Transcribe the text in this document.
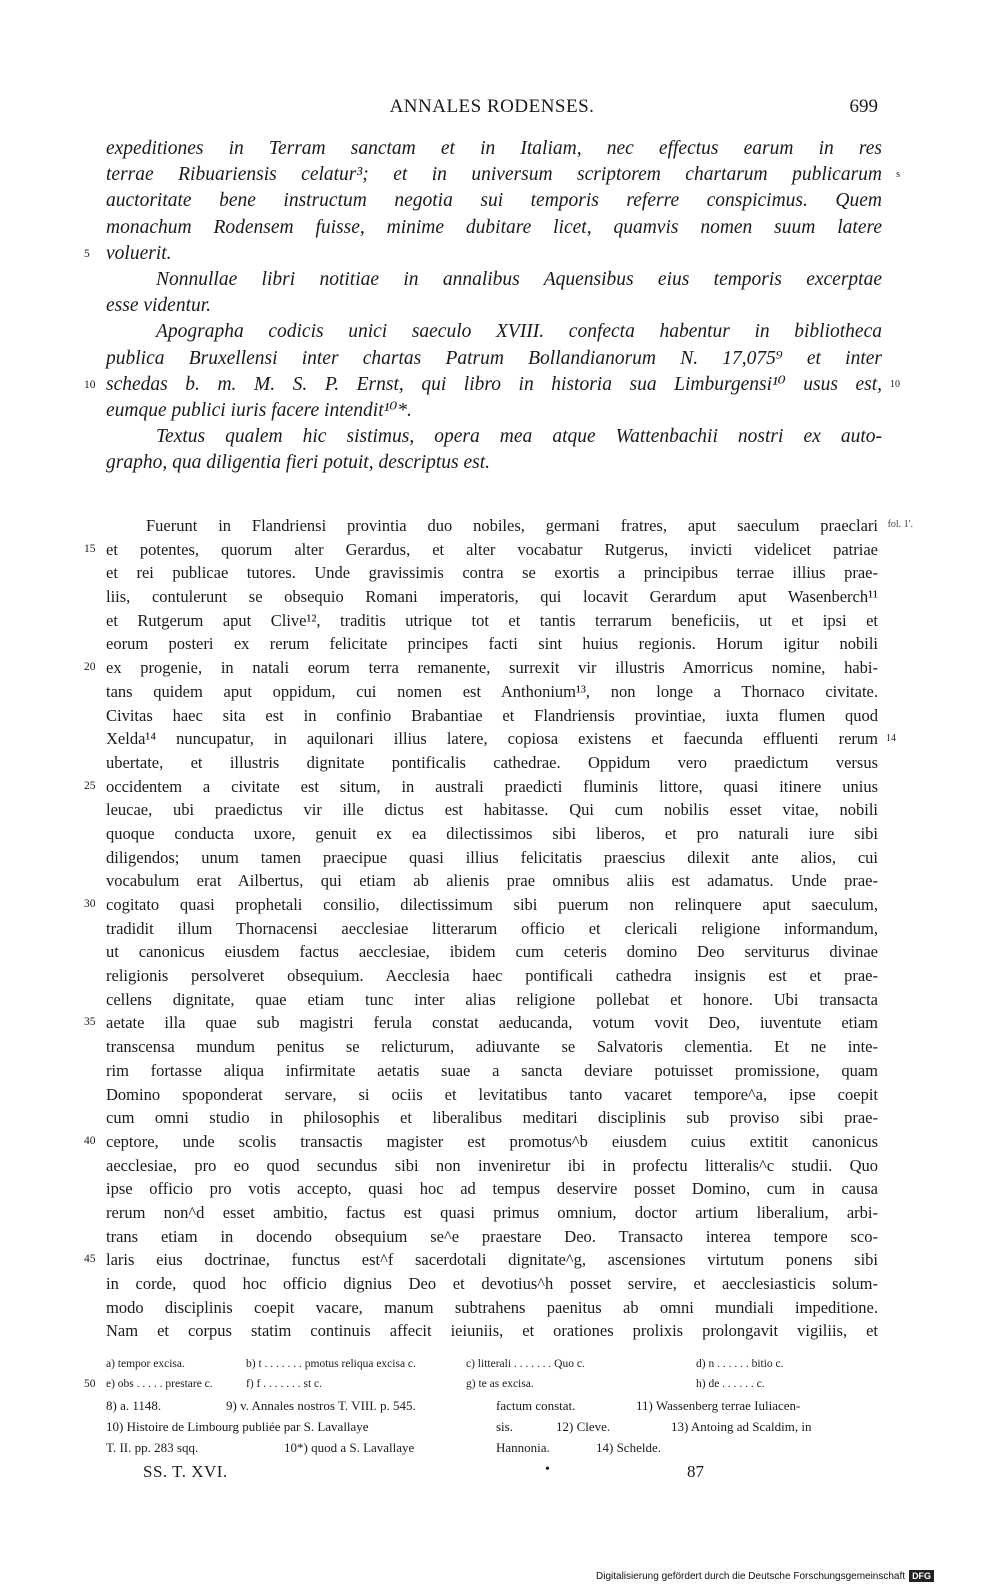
ANNALES RODENSES.	699
expeditiones in Terram sanctam et in Italiam, nec effectus earum in res
terrae Ribuariensis celatur³; et in universum scriptorem chartarum publicarum s
auctoritate bene instructum negotia sui temporis referre conspicimus. Quem
monachum Rodensem fuisse, minime dubitare licet, quamvis nomen suum latere
5 voluerit.
Nonnullae libri notitiae in annalibus Aquensibus eius temporis excerptae
esse videntur.
Apographa codicis unici saeculo XVIII. confecta habentur in bibliotheca
publica Bruxellensi inter chartas Patrum Bollandianorum N. 17,075⁹ et inter
10 schedas b. m. M. S. P. Ernst, qui libro in historia sua Limburgensi¹⁰ usus est, 10
eumque publici iuris facere intendit¹⁰*.
Textus qualem hic sistimus, opera mea atque Wattenbachii nostri ex auto-
grapho, qua diligentia fieri potuit, descriptus est.
fol. 1'.
Fuerunt in Flandriensi provintia duo nobiles, germani fratres, aput saeculum praeclari
15 et potentes, quorum alter Gerardus, et alter vocabatur Rutgerus, invicti videlicet patriae
et rei publicae tutores. Unde gravissimis contra se exortis a principibus terrae illius prae-
liis, contulerunt se obsequio Romani imperatoris, qui locavit Gerardum aput Wasenberch¹¹
et Rutgerum aput Clive¹², traditis utrique tot et tantis terrarum beneficiis, ut et ipsi et
eorum posteri ex rerum felicitate principes facti sint huius regionis. Horum igitur nobili
20 ex progenie, in natali eorum terra remanente, surrexit vir illustris Amorricus nomine, habi-
tans quidem aput oppidum, cui nomen est Anthonium¹³, non longe a Thornaco civitate.
Civitas haec sita est in confinio Brabantiae et Flandriensis provintiae, iuxta flumen quod
Xelda¹⁴ nuncupatur, in aquilonari illius latere, copiosa existens et faecunda effluenti rerum 14
ubertate, et illustris dignitate pontificalis cathedrae. Oppidum vero praedictum versus
25 occidentem a civitate est situm, in australi praedicti fluminis littore, quasi itinere unius
leucae, ubi praedictus vir ille dictus est habitasse. Qui cum nobilis esset vitae, nobili
quoque conducta uxore, genuit ex ea dilectissimos sibi liberos, et pro naturali iure sibi
diligendos; unum tamen praecipue quasi illius felicitatis praescius dilexit ante alios, cui
vocabulum erat Ailbertus, qui etiam ab alienis prae omnibus aliis est adamatus. Unde prae-
30 cogitato quasi prophetali consilio, dilectissimum sibi puerum non relinquere aput saeculum,
tradidit illum Thornacensi aecclesiae litterarum officio et clericali religione informandum,
ut canonicus eiusdem factus aecclesiae, ibidem cum ceteris domino Deo serviturus divinae
religionis persolveret obsequium. Aecclesia haec pontificali cathedra insignis est et prae-
cellens dignitate, quae etiam tunc inter alias religione pollebat et honore. Ubi transacta
35 aetate illa quae sub magistri ferula constat aeducanda, votum vovit Deo, iuventute etiam
transcensa mundum penitus se relicturum, adiuvante se Salvatoris clementia. Et ne inte-
rim fortasse aliqua infirmitate aetatis suae a sancta deviare potuisset promissione, quam
Domino spoponderat servare, si ociis et levitatibus tanto vacaret tempore^a, ipse coepit
cum omni studio in philosophis et liberalibus meditari disciplinis sub proviso sibi prae-
40 ceptore, unde scolis transactis magister est promotus^b eiusdem cuius extitit canonicus
aecclesiae, pro eo quod secundus sibi non inveniretur ibi in profectu litteralis^c studii. Quo
ipse officio pro votis accepto, quasi hoc ad tempus deservire posset Domino, cum in causa
rerum non^d esset ambitio, factus est quasi primus omnium, doctor artium liberalium, arbi-
trans etiam in docendo obsequium se^e praestare Deo. Transacto interea tempore sco-
45 laris eius doctrinae, functus est^f sacerdotali dignitate^g, ascensiones virtutum ponens sibi
in corde, quod hoc officio dignius Deo et devotius^h posset servire, et aecclesiasticis solum-
modo disciplinis coepit vacare, manum subtrahens paenitus ab omni mundiali impeditione.
Nam et corpus statim continuis affecit ieiuniis, et orationes prolixis prolongavit vigiliis, et
a) tempor excisa.	b) t . . . . . . . pmotus reliqua excisa c.	c) litterali . . . . . . . Quo c.	d) n . . . . . . bitio c.
50 e) obs . . . . . prestare c.	f) f . . . . . . . st c.	g) te as excisa.	h) de . . . . . . c.
8) a. 1148.	9) v. Annales nostros T. VIII. p. 545.	factum constat.	11) Wassenberg terrae Iuliacen-
10) Histoire de Limbourg publiée par S. Lavallaye	sis.	12) Cleve.	13) Antoing ad Scaldim, in
T. II. pp. 283 sqq.	10*) quod a S. Lavallaye	Hannonia.	14) Schelde.
SS. T. XVI.	•	87
Digitalisierung gefördert durch die Deutsche Forschungsgemeinschaft DFG
